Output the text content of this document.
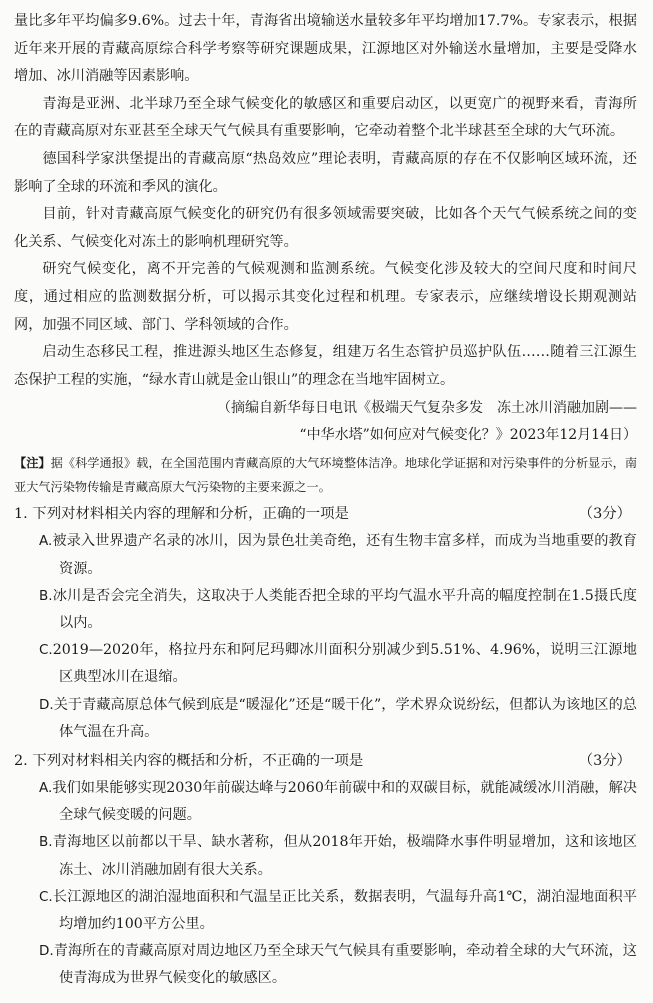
量比多年平均偏多9.6%。过去十年，青海省出境输送水量较多年平均增加17.7%。专家表示，根据近年来开展的青藏高原综合科学考察等研究课题成果，江源地区对外输送水量增加，主要是受降水增加、冰川消融等因素影响。

青海是亚洲、北半球乃至全球气候变化的敏感区和重要启动区，以更宽广的视野来看，青海所在的青藏高原对东亚甚至全球天气气候具有重要影响，它牵动着整个北半球甚至全球的大气环流。

德国科学家洪堡提出的青藏高原“热岛效应”理论表明，青藏高原的存在不仅影响区域环流，还影响了全球的环流和季风的演化。

目前，针对青藏高原气候变化的研究仍有很多领域需要突破，比如各个天气气候系统之间的变化关系、气候变化对冻土的影响机理研究等。

研究气候变化，离不开完善的气候观测和监测系统。气候变化涉及较大的空间尺度和时间尺度，通过相应的监测数据分析，可以揭示其变化过程和机理。专家表示，应继续增设长期观测站网，加强不同区域、部门、学科领域的合作。

启动生态移民工程，推进源头地区生态修复，组建万名生态管护员巡护队伍……随着三江源生态保护工程的实施，“绿水青山就是金山银山”的理念在当地牢固树立。

（摘编自新华每日电讯《极端天气复杂多发　冻土冰川消融加剧——
“中华水塔”如何应对气候变化？》2023年12月14日）

【注】据《科学通报》载，在全国范围内青藏高原的大气环境整体洁净。地球化学证据和对污染事件的分析显示，南亚大气污染物传输是青藏高原大气污染物的主要来源之一。

1. 下列对材料相关内容的理解和分析，正确的一项是	（3分）

A.被录入世界遗产名录的冰川，因为景色壮美奇绝，还有生物丰富多样，而成为当地重要的教育资源。

B.冰川是否会完全消失，这取决于人类能否把全球的平均气温水平升高的幅度控制在1.5摄氏度以内。

C.2019—2020年，格拉丹东和阿尼玛卿冰川面积分别减少到5.51%、4.96%，说明三江源地区典型冰川在退缩。

D.关于青藏高原总体气候到底是“暖湿化”还是“暖干化”，学术界众说纷纭，但都认为该地区的总体气温在升高。

2. 下列对材料相关内容的概括和分析，不正确的一项是	（3分）

A.我们如果能够实现2030年前碳达峰与2060年前碳中和的双碳目标，就能减缓冰川消融，解决全球气候变暖的问题。

B.青海地区以前都以干旱、缺水著称，但从2018年开始，极端降水事件明显增加，这和该地区冻土、冰川消融加剧有很大关系。

C.长江源地区的湖泊湿地面积和气温呈正比关系，数据表明，气温每升高1℃，湖泊湿地面积平均增加约100平方公里。

D.青海所在的青藏高原对周边地区乃至全球天气气候具有重要影响，牵动着全球的大气环流，这使青海成为世界气候变化的敏感区。
